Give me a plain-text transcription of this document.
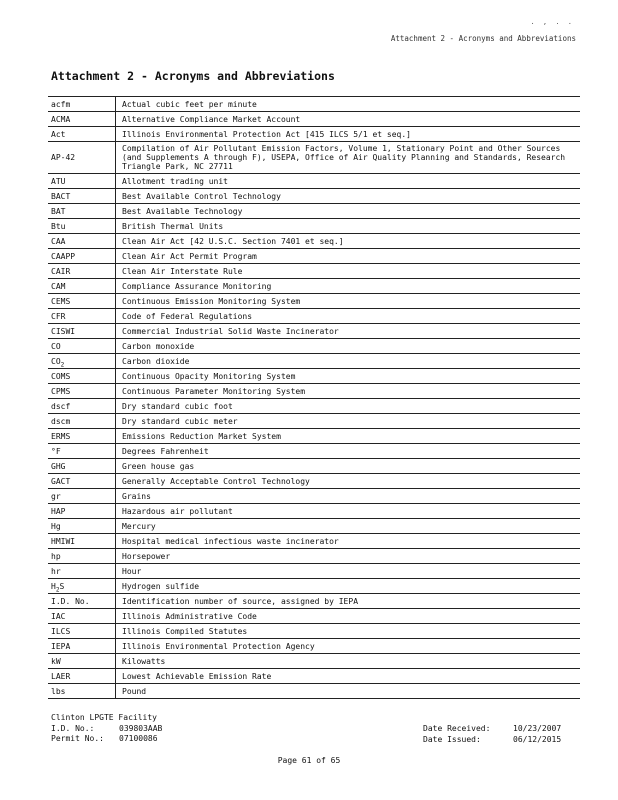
. , . .
Attachment 2 - Acronyms and Abbreviations
Attachment 2 - Acronyms and Abbreviations
acfm	Actual cubic feet per minute
ACMA	Alternative Compliance Market Account
Act	Illinois Environmental Protection Act [415 ILCS 5/1 et seq.]
AP-42	Compilation of Air Pollutant Emission Factors, Volume 1, Stationary Point and Other Sources (and Supplements A through F), USEPA, Office of Air Quality Planning and Standards, Research Triangle Park, NC 27711
ATU	Allotment trading unit
BACT	Best Available Control Technology
BAT	Best Available Technology
Btu	British Thermal Units
CAA	Clean Air Act [42 U.S.C. Section 7401 et seq.]
CAAPP	Clean Air Act Permit Program
CAIR	Clean Air Interstate Rule
CAM	Compliance Assurance Monitoring
CEMS	Continuous Emission Monitoring System
CFR	Code of Federal Regulations
CISWI	Commercial Industrial Solid Waste Incinerator
CO	Carbon monoxide
$CO_2$	Carbon dioxide
COMS	Continuous Opacity Monitoring System
CPMS	Continuous Parameter Monitoring System
dscf	Dry standard cubic foot
dscm	Dry standard cubic meter
ERMS	Emissions Reduction Market System
°F	Degrees Fahrenheit
GHG	Green house gas
GACT	Generally Acceptable Control Technology
gr	Grains
HAP	Hazardous air pollutant
Hg	Mercury
HMIWI	Hospital medical infectious waste incinerator
hp	Horsepower
hr	Hour
$H_2S$	Hydrogen sulfide
I.D. No.	Identification number of source, assigned by IEPA
IAC	Illinois Administrative Code
ILCS	Illinois Compiled Statutes
IEPA	Illinois Environmental Protection Agency
kW	Kilowatts
LAER	Lowest Achievable Emission Rate
lbs	Pound
Clinton LPGTE Facility
I.D. No.:	039803AAB
Permit No.: 07100086
Date Received:	10/23/2007
Date Issued:	06/12/2015
Page 61 of 65
